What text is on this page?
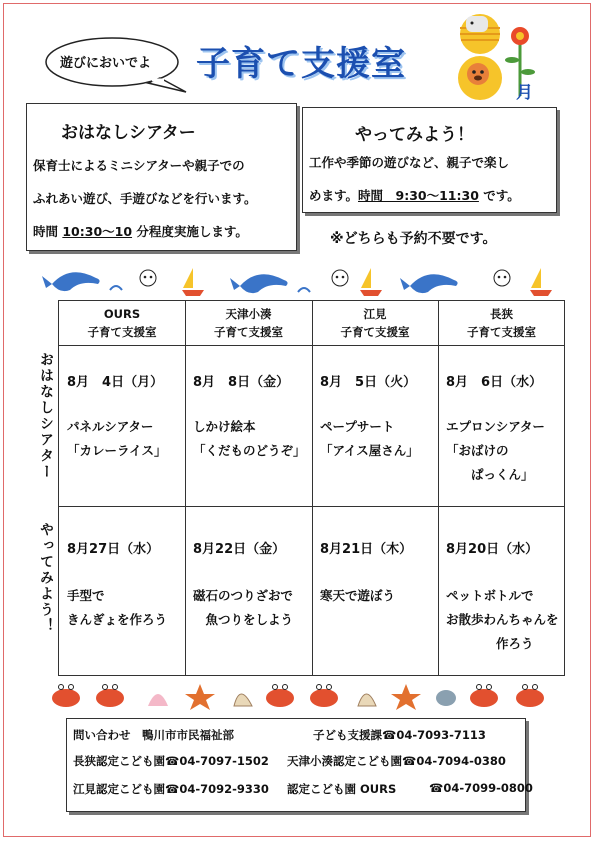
遊びにおいでよ 子育て支援室
月
おはなしシアター
保育士によるミニシアターや親子での
ふれあい遊び、手遊びなどを行います。
時間 10:30～10 分程度実施します。
やってみよう！
工作や季節の遊びなど、親子で楽し
めます。時間　9:30～11:30 です。
※どちらも予約不要です。
おはなしシアター
やってみよう！
OURS
子育て支援室
天津小湊
子育て支援室
江見
子育て支援室
長狭
子育て支援室
8月　4日（月）
パネルシアター
「カレーライス」
8月　8日（金）
しかけ絵本
「くだものどうぞ」
8月　5日（火）
ペープサート
「アイス屋さん」
8月　6日（水）
エプロンシアター
「おばけの
　　ぱっくん」
8月27日（水）
手型で
きんぎょを作ろう
8月22日（金）
磁石のつりざおで
　魚つりをしよう
8月21日（木）
寒天で遊ぼう
8月20日（水）
ペットボトルで
お散歩わんちゃんを
　　　　作ろう
問い合わせ　鴨川市市民福祉部	子ども支援課☎04-7093-7113
長狭認定こども園☎04-7097-1502 天津小湊認定こども園☎04-7094-0380
江見認定こども園☎04-7092-9330 認定こども園 OURS	☎04-7099-0800
